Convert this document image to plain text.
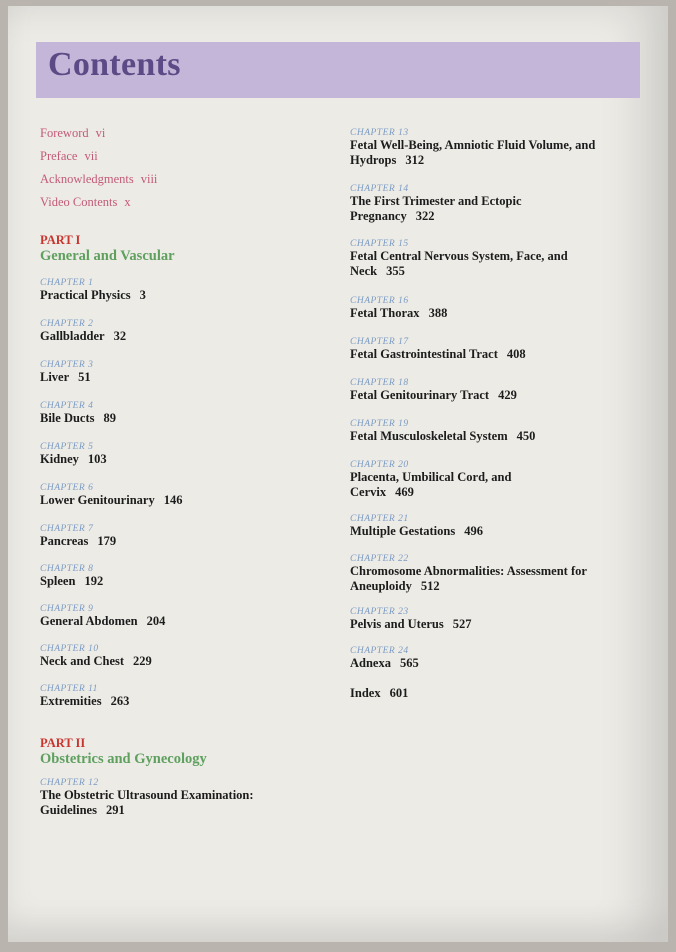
Contents
Foreword vi
Preface vii
Acknowledgments viii
Video Contents x
PART I
General and Vascular
CHAPTER 1
Practical Physics 3
CHAPTER 2
Gallbladder 32
CHAPTER 3
Liver 51
CHAPTER 4
Bile Ducts 89
CHAPTER 5
Kidney 103
CHAPTER 6
Lower Genitourinary 146
CHAPTER 7
Pancreas 179
CHAPTER 8
Spleen 192
CHAPTER 9
General Abdomen 204
CHAPTER 10
Neck and Chest 229
CHAPTER 11
Extremities 263
PART II
Obstetrics and Gynecology
CHAPTER 12
The Obstetric Ultrasound Examination:
Guidelines 291
CHAPTER 13
Fetal Well-Being, Amniotic Fluid Volume, and
Hydrops 312
CHAPTER 14
The First Trimester and Ectopic
Pregnancy 322
CHAPTER 15
Fetal Central Nervous System, Face, and
Neck 355
CHAPTER 16
Fetal Thorax 388
CHAPTER 17
Fetal Gastrointestinal Tract 408
CHAPTER 18
Fetal Genitourinary Tract 429
CHAPTER 19
Fetal Musculoskeletal System 450
CHAPTER 20
Placenta, Umbilical Cord, and
Cervix 469
CHAPTER 21
Multiple Gestations 496
CHAPTER 22
Chromosome Abnormalities: Assessment for
Aneuploidy 512
CHAPTER 23
Pelvis and Uterus 527
CHAPTER 24
Adnexa 565
Index 601
